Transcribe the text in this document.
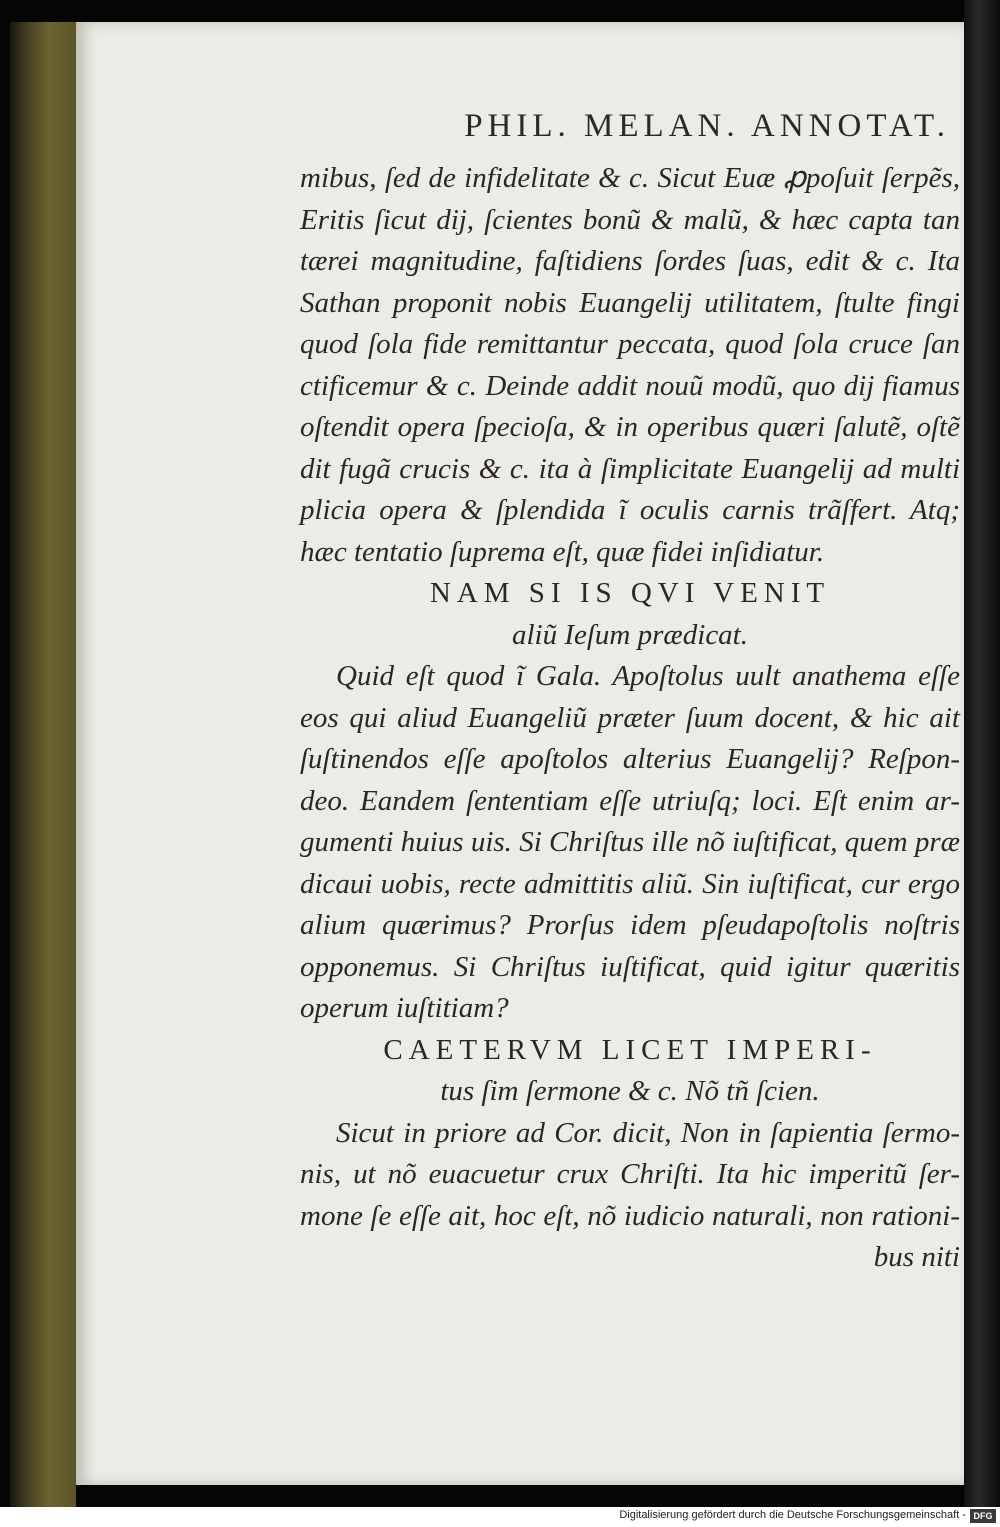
PHIL. MELAN. ANNOTAT.
mibus, ſed de infidelitate & c. Sicut Euæ ꝓpoſuit ſerpẽs,
Eritis ſicut dij, ſcientes bonũ & malũ, & hæc capta tan
tærei magnitudine, faſtidiens ſordes ſuas, edit & c. Ita
Sathan proponit nobis Euangelij utilitatem, ſtulte fingi
quod ſola fide remittantur peccata, quod ſola cruce ſan
ctificemur & c. Deinde addit nouũ modũ, quo dij fiamus
oſtendit opera ſpecioſa, & in operibus quæri ſalutẽ, oſtẽ
dit fugã crucis & c. ita à ſimplicitate Euangelij ad multi
plicia opera & ſplendida ĩ oculis carnis trãſfert. Atq;
hæc tentatio ſuprema eſt, quæ fidei inſidiatur.
NAM SI IS QVI VENIT
aliũ Ieſum prædicat.
Quid eſt quod ĩ Gala. Apoſtolus uult anathema eſſe
eos qui aliud Euangeliũ præter ſuum docent, & hic ait
ſuſtinendos eſſe apoſtolos alterius Euangelij? Reſpon-
deo. Eandem ſententiam eſſe utriuſq; loci. Eſt enim ar-
gumenti huius uis. Si Chriſtus ille nõ iuſtificat, quem præ
dicaui uobis, recte admittitis aliũ. Sin iuſtificat, cur ergo
alium quærimus? Prorſus idem pſeudapoſtolis noſtris
opponemus. Si Chriſtus iuſtificat, quid igitur quæritis
operum iuſtitiam?
CAETERVM LICET IMPERI-
tus ſim ſermone & c. Nõ tñ ſcien.
Sicut in priore ad Cor. dicit, Non in ſapientia ſermo-
nis, ut nõ euacuetur crux Chriſti. Ita hic imperitũ ſer-
mone ſe eſſe ait, hoc eſt, nõ iudicio naturali, non rationi-
bus niti
Digitalisierung gefördert durch die Deutsche Forschungsgemeinschaft - DFG
